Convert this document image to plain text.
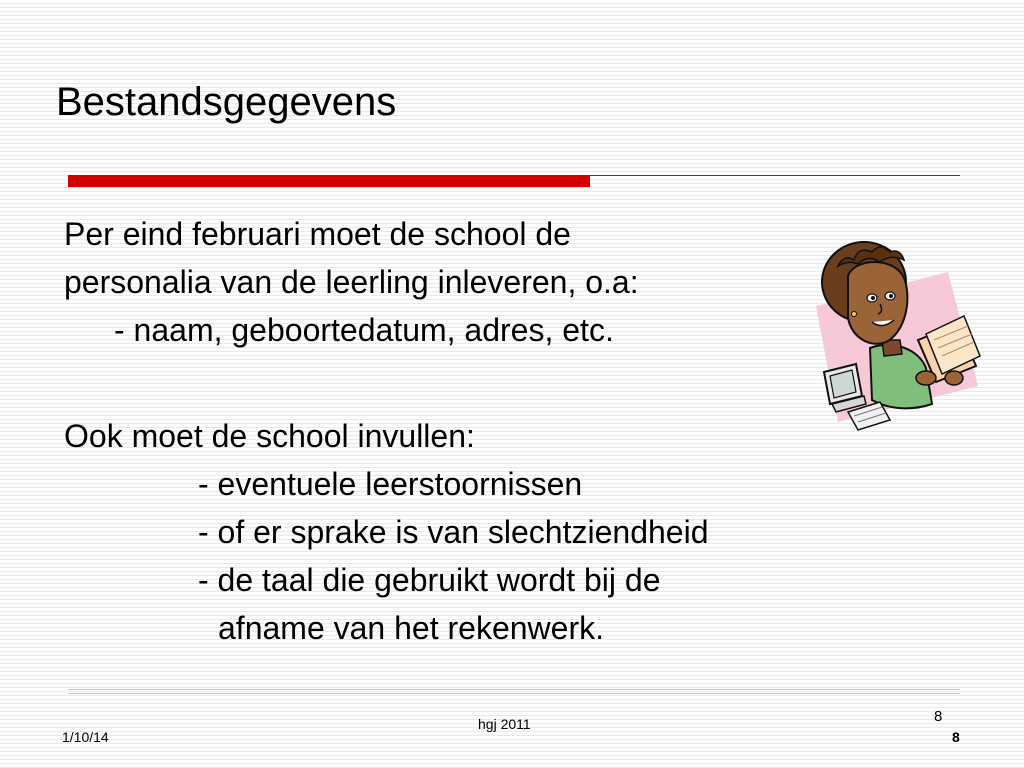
Bestandsgegevens
Per eind februari moet de school de
personalia van de leerling inleveren, o.a:
- naam, geboortedatum, adres, etc.
Ook moet de school invullen:
- eventuele leerstoornissen
- of er sprake is van slechtziendheid
- de taal die gebruikt wordt bij de
afname van het rekenwerk.
1/10/14
hgj 2011	8
8
